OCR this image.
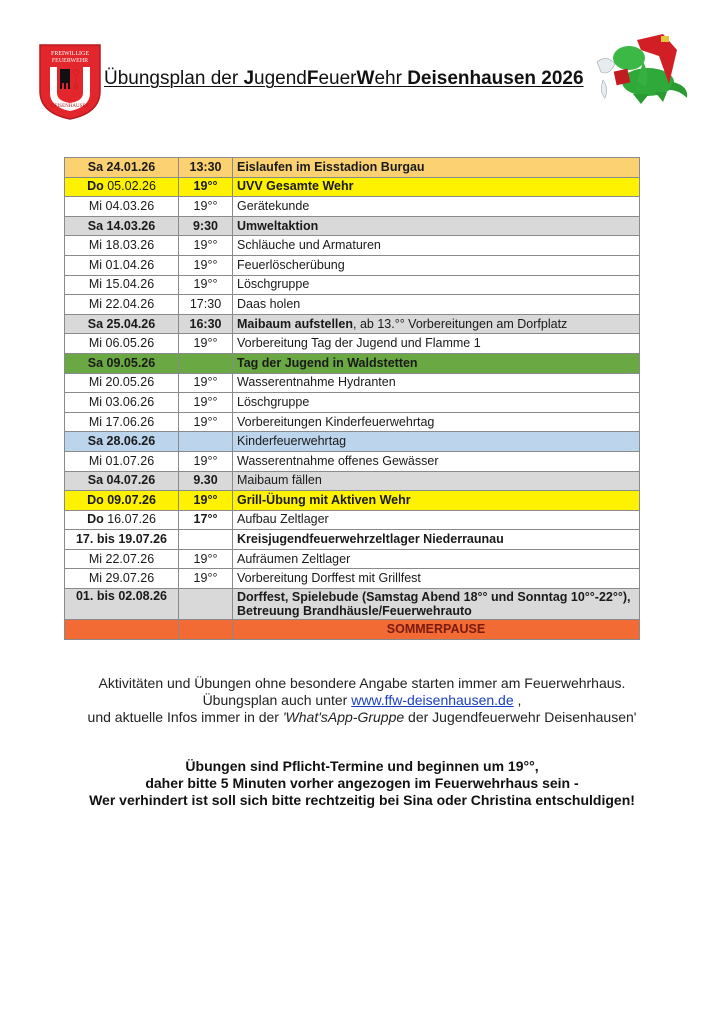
FREIWILLIGE
FEUERWEHR
DEISENHAUSEN
Übungsplan der JugendFeuerWehr Deisenhausen 2026
Sa 24.01.26	13:30	Eislaufen im Eisstadion Burgau
Do 05.02.26	19°°	UVV Gesamte Wehr
Mi 04.03.26	19°°	Gerätekunde
Sa 14.03.26	9:30	Umweltaktion
Mi 18.03.26	19°°	Schläuche und Armaturen
Mi 01.04.26	19°°	Feuerlöscherübung
Mi 15.04.26	19°°	Löschgruppe
Mi 22.04.26	17:30	Daas holen
Sa 25.04.26	16:30	Maibaum aufstellen, ab 13.°° Vorbereitungen am Dorfplatz
Mi 06.05.26	19°°	Vorbereitung Tag der Jugend und Flamme 1
Sa 09.05.26		Tag der Jugend in Waldstetten
Mi 20.05.26	19°°	Wasserentnahme Hydranten
Mi 03.06.26	19°°	Löschgruppe
Mi 17.06.26	19°°	Vorbereitungen Kinderfeuerwehrtag
Sa 28.06.26		Kinderfeuerwehrtag
Mi 01.07.26	19°°	Wasserentnahme offenes Gewässer
Sa 04.07.26	9.30	Maibaum fällen
Do 09.07.26	19°°	Grill-Übung mit Aktiven Wehr
Do 16.07.26	17°°	Aufbau Zeltlager
17. bis 19.07.26		Kreisjugendfeuerwehrzeltlager Niederraunau
Mi 22.07.26	19°°	Aufräumen Zeltlager
Mi 29.07.26	19°°	Vorbereitung Dorffest mit Grillfest
01. bis 02.08.26		Dorffest, Spielebude (Samstag Abend 18°° und Sonntag 10°°-22°°), Betreuung Brandhäusle/Feuerwehrauto
		SOMMERPAUSE
Aktivitäten und Übungen ohne besondere Angabe starten immer am Feuerwehrhaus.
Übungsplan auch unter www.ffw-deisenhausen.de ,
und aktuelle Infos immer in der 'What'sApp-Gruppe der Jugendfeuerwehr Deisenhausen'
Übungen sind Pflicht-Termine und beginnen um 19°°,
daher bitte 5 Minuten vorher angezogen im Feuerwehrhaus sein -
Wer verhindert ist soll sich bitte rechtzeitig bei Sina oder Christina entschuldigen!
